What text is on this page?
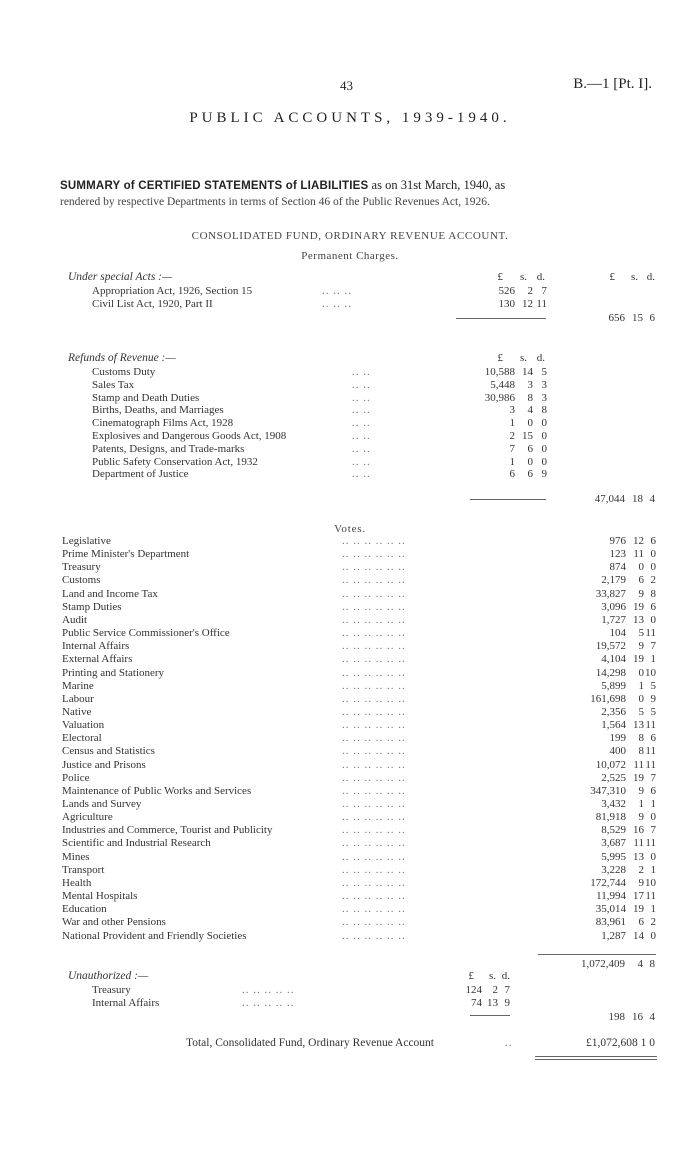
43	B.—1 [Pt. I].
PUBLIC ACCOUNTS, 1939-1940.
SUMMARY of CERTIFIED STATEMENTS of LIABILITIES as on 31st March, 1940, as
rendered by respective Departments in terms of Section 46 of the Public Revenues Act, 1926.
CONSOLIDATED FUND, ORDINARY REVENUE ACCOUNT.
Permanent Charges.
Under special Acts :—	£ s. d.	£ s. d.
Appropriation Act, 1926, Section 15	.. .. ..	526 2 7
Civil List Act, 1920, Part II	.. .. ..	130 12 11
656 15 6
Refunds of Revenue :—	£ s. d.
Customs Duty	.. ..	10,588 14 5
Sales Tax	.. ..	5,448 3 3
Stamp and Death Duties	.. ..	30,986 8 3
Births, Deaths, and Marriages	.. ..	3 4 8
Cinematograph Films Act, 1928	.. ..	1 0 0
Explosives and Dangerous Goods Act, 1908	.. ..	2 15 0
Patents, Designs, and Trade-marks	.. ..	7 6 0
Public Safety Conservation Act, 1932	.. ..	1 0 0
Department of Justice	.. ..	6 6 9
47,044 18 4
Votes.
Legislative	.. .. .. .. .. ..	976 12 6
Prime Minister's Department	.. .. .. .. .. ..	123 11 0
Treasury	.. .. .. .. .. ..	874 0 0
Customs	.. .. .. .. .. ..	2,179 6 2
Land and Income Tax	.. .. .. .. .. ..	33,827 9 8
Stamp Duties	.. .. .. .. .. ..	3,096 19 6
Audit	.. .. .. .. .. ..	1,727 13 0
Public Service Commissioner's Office	.. .. .. .. .. ..	104 5 11
Internal Affairs	.. .. .. .. .. ..	19,572 9 7
External Affairs	.. .. .. .. .. ..	4,104 19 1
Printing and Stationery	.. .. .. .. .. ..	14,298 0 10
Marine	.. .. .. .. .. ..	5,899 1 5
Labour	.. .. .. .. .. ..	161,698 0 9
Native	.. .. .. .. .. ..	2,356 5 5
Valuation	.. .. .. .. .. ..	1,564 13 11
Electoral	.. .. .. .. .. ..	199 8 6
Census and Statistics	.. .. .. .. .. ..	400 8 11
Justice and Prisons	.. .. .. .. .. ..	10,072 11 11
Police	.. .. .. .. .. ..	2,525 19 7
Maintenance of Public Works and Services	.. .. .. .. .. ..	347,310 9 6
Lands and Survey	.. .. .. .. .. ..	3,432 1 1
Agriculture	.. .. .. .. .. ..	81,918 9 0
Industries and Commerce, Tourist and Publicity	.. .. .. .. .. ..	8,529 16 7
Scientific and Industrial Research	.. .. .. .. .. ..	3,687 11 11
Mines	.. .. .. .. .. ..	5,995 13 0
Transport	.. .. .. .. .. ..	3,228 2 1
Health	.. .. .. .. .. ..	172,744 9 10
Mental Hospitals	.. .. .. .. .. ..	11,994 17 11
Education	.. .. .. .. .. ..	35,014 19 1
War and other Pensions	.. .. .. .. .. ..	83,961 6 2
National Provident and Friendly Societies	.. .. .. .. .. ..	1,287 14 0
1,072,409 4 8
Unauthorized :—	£ s. d.
Treasury	.. .. .. .. ..	124 2 7
Internal Affairs	.. .. .. .. ..	74 13 9
198 16 4
Total, Consolidated Fund, Ordinary Revenue Account	..	£1,072,608 1 0
